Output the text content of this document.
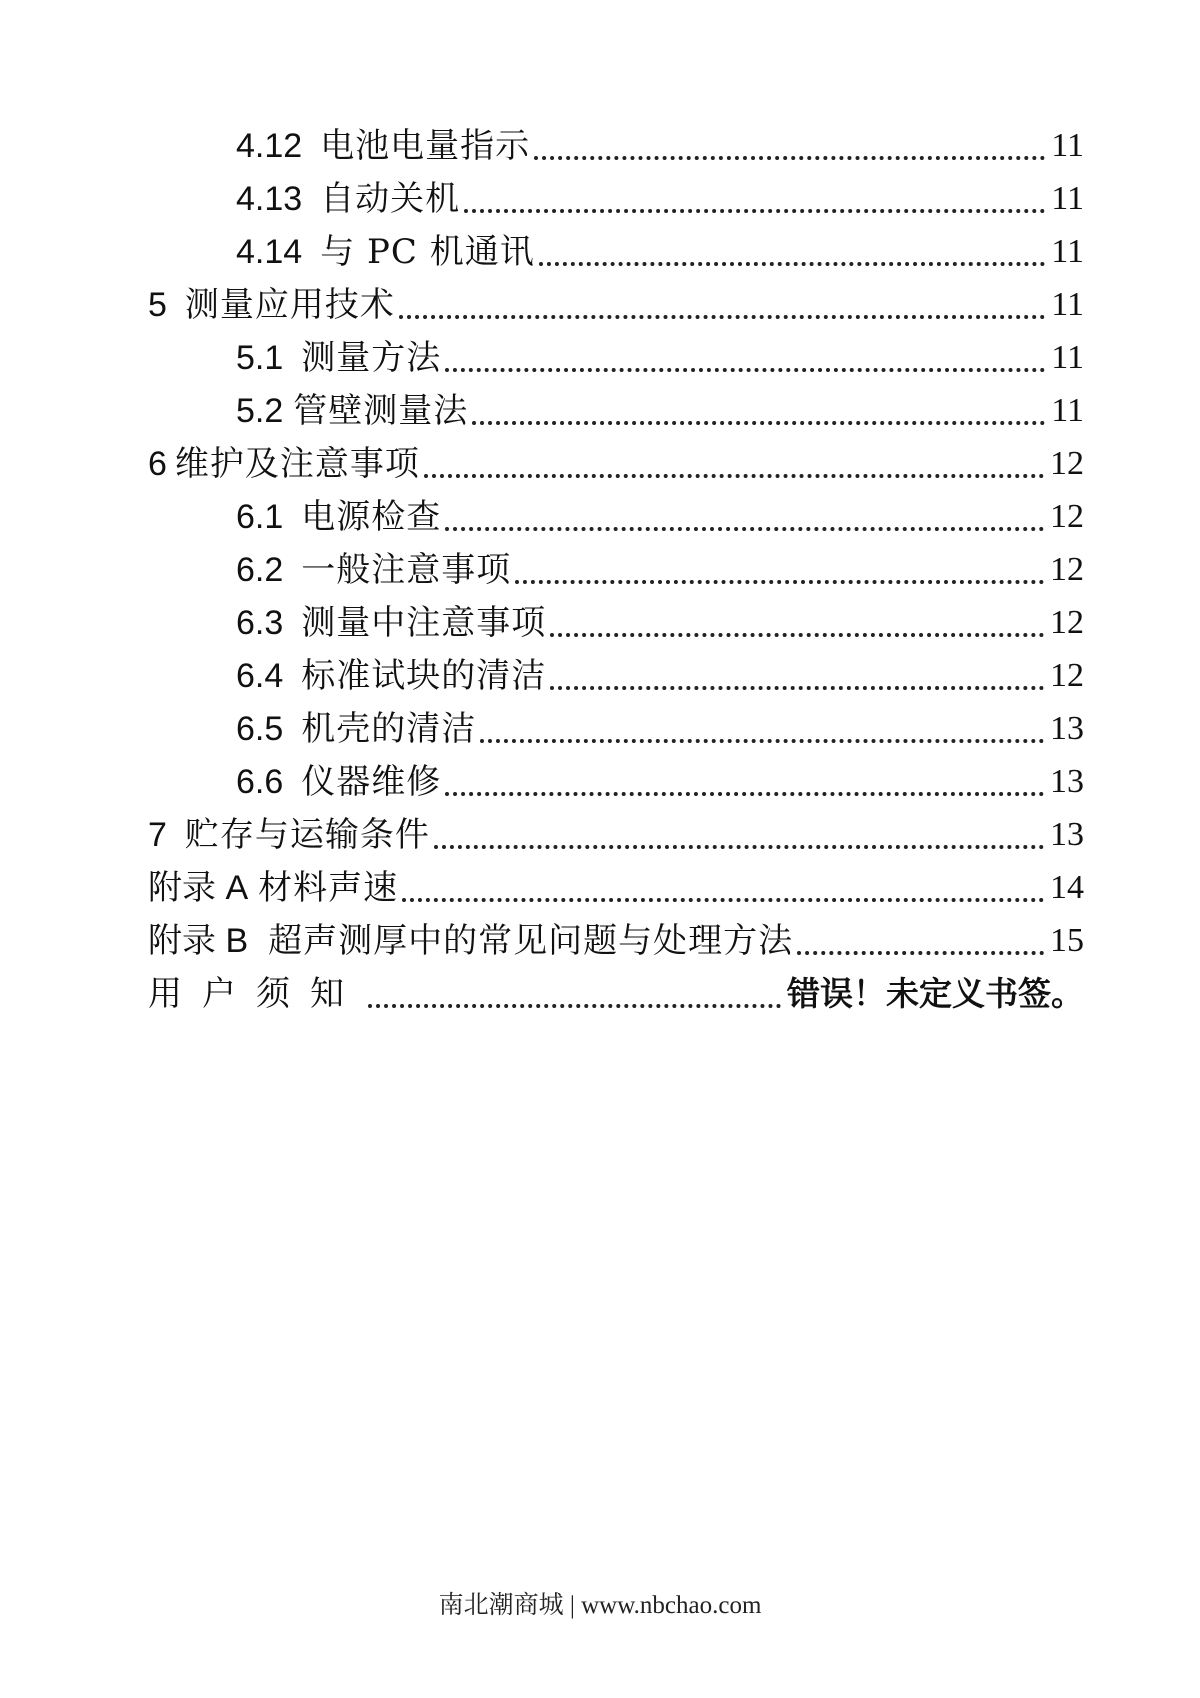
4.12 电池电量指示	11
4.13 自动关机	11
4.14 与 PC 机通讯	11
5 测量应用技术	11
5.1 测量方法	11
5.2 管壁测量法	11
6 维护及注意事项	12
6.1 电源检查	12
6.2 一般注意事项	12
6.3 测量中注意事项	12
6.4 标准试块的清洁	12
6.5 机壳的清洁	13
6.6 仪器维修	13
7 贮存与运输条件	13
附录 A 材料声速	14
附录 B 超声测厚中的常见问题与处理方法	15
用户须知	错误！未定义书签。
南北潮商城 | www.nbchao.com
